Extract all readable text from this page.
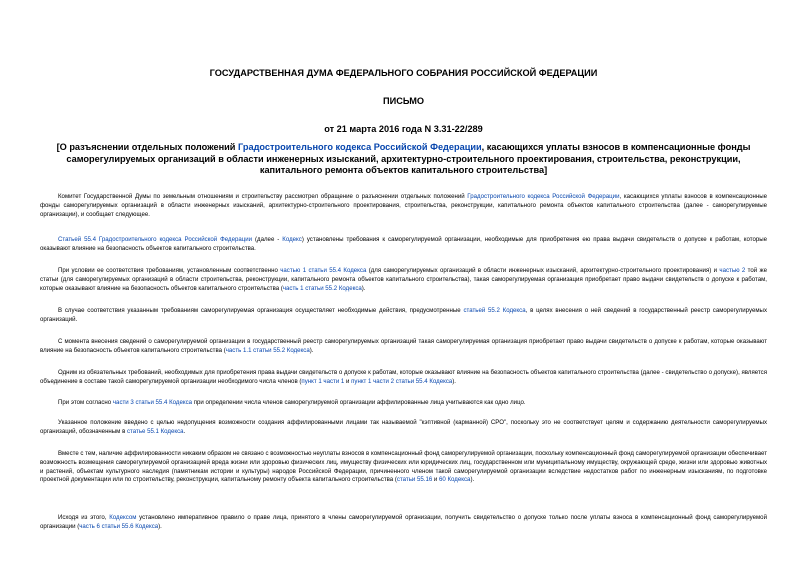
ГОСУДАРСТВЕННАЯ ДУМА ФЕДЕРАЛЬНОГО СОБРАНИЯ РОССИЙСКОЙ ФЕДЕРАЦИИ

ПИСЬМО

от 21 марта 2016 года N 3.31-22/289

[О разъяснении отдельных положений Градостроительного кодекса Российской Федерации, касающихся уплаты взносов в компенсационные фонды саморегулируемых организаций в области инженерных изысканий, архитектурно-строительного проектирования, строительства, реконструкции, капитального ремонта объектов капитального строительства]

Комитет Государственной Думы по земельным отношениям и строительству рассмотрел обращение о разъяснении отдельных положений Градостроительного кодекса Российской Федерации, касающихся уплаты взносов в компенсационные фонды саморегулируемых организаций в области инженерных изысканий, архитектурно-строительного проектирования, строительства, реконструкции, капитального ремонта объектов капитального строительства (далее - саморегулируемые организации), и сообщает следующее.

Статьей 55.4 Градостроительного кодекса Российской Федерации (далее - Кодекс) установлены требования к саморегулируемой организации, необходимые для приобретения ею права выдачи свидетельств о допуске к работам, которые оказывают влияние на безопасность объектов капитального строительства.

При условии ее соответствия требованиям, установленным соответственно частью 1 статьи 55.4 Кодекса (для саморегулируемых организаций в области инженерных изысканий, архитектурно-строительного проектирования) и частью 2 той же статьи (для саморегулируемых организаций в области строительства, реконструкции, капитального ремонта объектов капитального строительства), такая саморегулируемая организация приобретает право выдачи свидетельств о допуске к работам, которые оказывают влияние на безопасность объектов капитального строительства (часть 1 статьи 55.2 Кодекса).

В случае соответствия указанным требованиям саморегулируемая организация осуществляет необходимые действия, предусмотренные статьей 55.2 Кодекса, в целях внесения о ней сведений в государственный реестр саморегулируемых организаций.

С момента внесения сведений о саморегулируемой организации в государственный реестр саморегулируемых организаций такая саморегулируемая организация приобретает право выдачи свидетельств о допуске к работам, которые оказывают влияние на безопасность объектов капитального строительства (часть 1.1 статьи 55.2 Кодекса).

Одним из обязательных требований, необходимых для приобретения права выдачи свидетельств о допуске к работам, которые оказывают влияние на безопасность объектов капитального строительства (далее - свидетельство о допуске), является объединение в составе такой саморегулируемой организации необходимого числа членов (пункт 1 части 1 и пункт 1 части 2 статьи 55.4 Кодекса).

При этом согласно части 3 статьи 55.4 Кодекса при определении числа членов саморегулируемой организации аффилированные лица учитываются как одно лицо.

Указанное положение введено с целью недопущения возможности создания аффилированными лицами так называемой "кэптивной (карманной) СРО", поскольку это не соответствует целям и содержанию деятельности саморегулируемых организаций, обозначенным в статье 55.1 Кодекса.

Вместе с тем, наличие аффилированности никаким образом не связано с возможностью неуплаты взносов в компенсационный фонд саморегулируемой организации, поскольку компенсационный фонд саморегулируемой организации обеспечивает возможность возмещения саморегулируемой организацией вреда жизни или здоровью физических лиц, имуществу физических или юридических лиц, государственном или муниципальному имуществу, окружающей среде, жизни или здоровью животных и растений, объектам культурного наследия (памятникам истории и культуры) народов Российской Федерации, причиненного членом такой саморегулируемой организации вследствие недостатков работ по инженерным изысканиям, по подготовке проектной документации или по строительству, реконструкции, капитальному ремонту объекта капитального строительства (статьи 55.16 и 60 Кодекса).

Исходя из этого, Кодексом установлено императивное правило о праве лица, принятого в члены саморегулируемой организации, получить свидетельство о допуске только после уплаты взноса в компенсационный фонд саморегулируемой организации (часть 6 статьи 55.6 Кодекса).
